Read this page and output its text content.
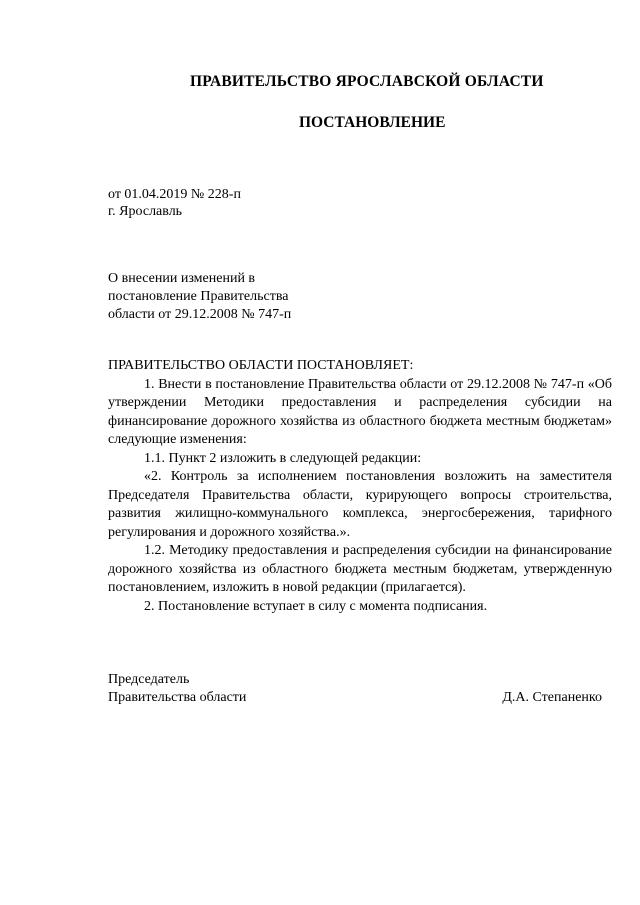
ПРАВИТЕЛЬСТВО ЯРОСЛАВСКОЙ ОБЛАСТИ
ПОСТАНОВЛЕНИЕ
от 01.04.2019 № 228-п
г. Ярославль
О внесении изменений в
постановление Правительства
области от 29.12.2008 № 747-п

ПРАВИТЕЛЬСТВО ОБЛАСТИ ПОСТАНОВЛЯЕТ:

1. Внести в постановление Правительства области от 29.12.2008 № 747-п «Об утверждении Методики предоставления и распределения субсидии на финансирование дорожного хозяйства из областного бюджета местным бюджетам» следующие изменения:

1.1. Пункт 2 изложить в следующей редакции:

«2. Контроль за исполнением постановления возложить на заместителя Председателя Правительства области, курирующего вопросы строительства, развития жилищно-коммунального комплекса, энергосбережения, тарифного регулирования и дорожного хозяйства.».

1.2. Методику предоставления и распределения субсидии на финансирование дорожного хозяйства из областного бюджета местным бюджетам, утвержденную постановлением, изложить в новой редакции (прилагается).

2. Постановление вступает в силу с момента подписания.

Председатель
Правительства области	Д.А. Степаненко
